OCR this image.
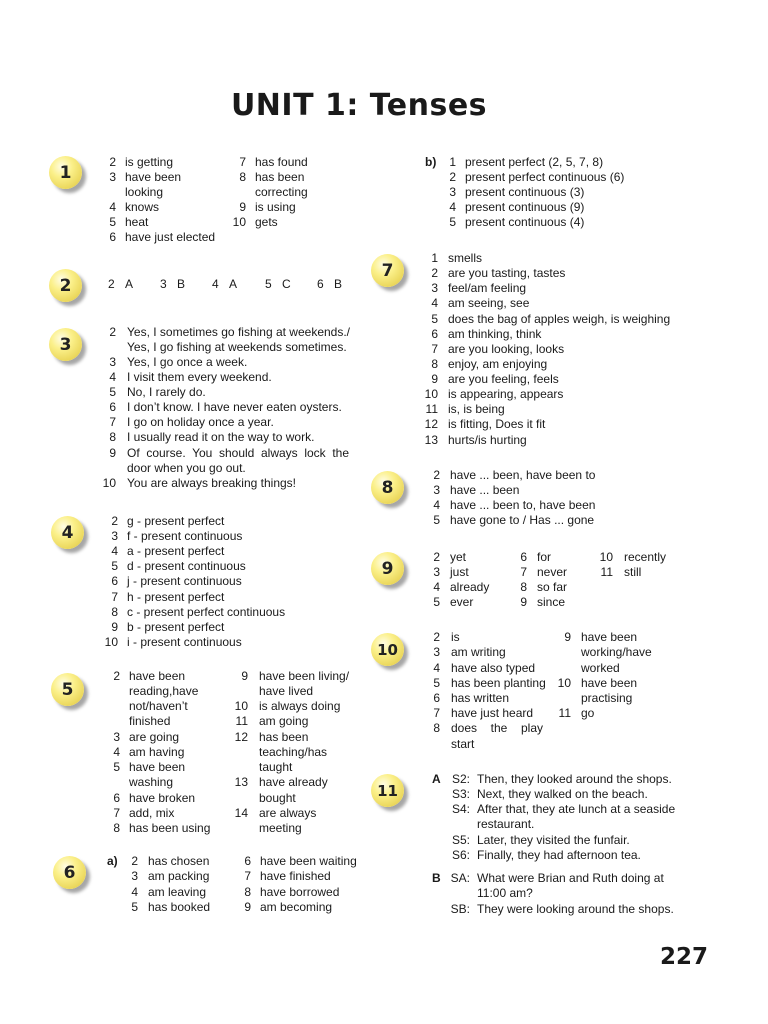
UNIT 1: Tenses
1
2
3
4
5
6
7
8
9
10
11
2 is getting
3 have been
looking
4 knows
5 heat
6 have just elected
7 has found
8 has been
correcting
9 is using
10 gets
b)	1 present perfect (2, 5, 7, 8)
2 present perfect continuous (6)
3 present continuous (3)
4 present continuous (9)
5 present continuous (4)
2 A 3 B 4 A 5 C 6 B
2 Yes, I sometimes go fishing at weekends./
Yes, I go fishing at weekends sometimes.
3 Yes, I go once a week.
4 I visit them every weekend.
5 No, I rarely do.
6 I don’t know. I have never eaten oysters.
7 I go on holiday once a year.
8 I usually read it on the way to work.
9 Of course. You should always lock the
door when you go out.
10 You are always breaking things!
2 g - present perfect
3 f - present continuous
4 a - present perfect
5 d - present continuous
6 j - present continuous
7 h - present perfect
8 c - present perfect continuous
9 b - present perfect
10 i - present continuous
2 have been
reading,have
not/haven’t
finished
3 are going
4 am having
5 have been
washing
6 have broken
7 add, mix
8 has been using
9 have been living/
have lived
10 is always doing
11 am going
12 has been
teaching/has
taught
13 have already
bought
14 are always
meeting
a)	2 has chosen
3 am packing
4 am leaving
5 has booked
6 have been waiting
7 have finished
8 have borrowed
9 am becoming
1 smells
2 are you tasting, tastes
3 feel/am feeling
4 am seeing, see
5 does the bag of apples weigh, is weighing
6 am thinking, think
7 are you looking, looks
8 enjoy, am enjoying
9 are you feeling, feels
10 is appearing, appears
11 is, is being
12 is fitting, Does it fit
13 hurts/is hurting
2 have ... been, have been to
3 have ... been
4 have ... been to, have been
5 have gone to / Has ... gone
2 yet
3 just
4 already
5 ever
6 for
7 never
8 so far
9 since
10 recently
11 still
2 is
3 am writing
4 have also typed
5 has been planting
6 has written
7 have just heard
8 does the play
start
9 have been
working/have
worked
10 have been
practising
11 go
A S2: Then, they looked around the shops.
S3: Next, they walked on the beach.
S4: After that, they ate lunch at a seaside
restaurant.
S5: Later, they visited the funfair.
S6: Finally, they had afternoon tea.
B SA: What were Brian and Ruth doing at
11:00 am?
SB: They were looking around the shops.
227
